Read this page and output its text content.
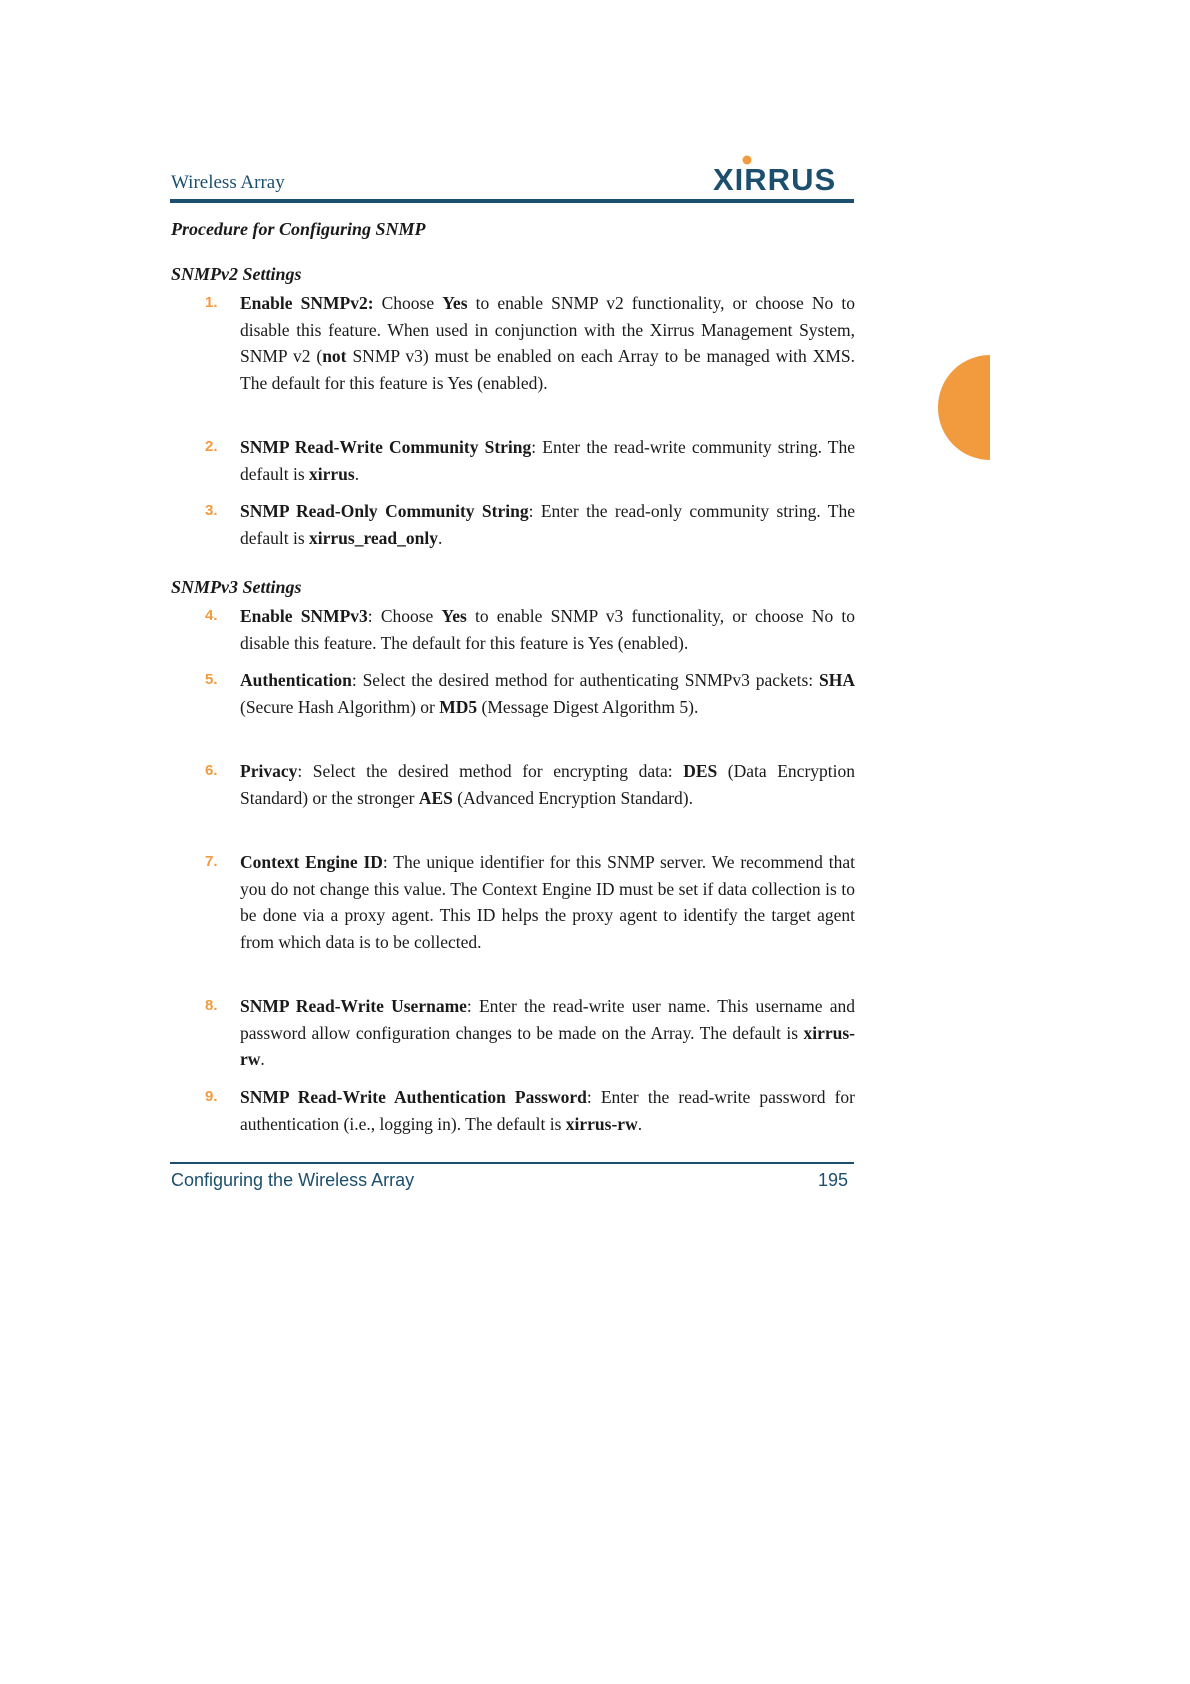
Wireless Array	XIRRUS
Procedure for Configuring SNMP
SNMPv2 Settings
SNMPv3 Settings
1.	Enable SNMPv2: Choose Yes to enable SNMP v2 functionality, or choose No to disable this feature. When used in conjunction with the Xirrus Management System, SNMP v2 (not SNMP v3) must be enabled on each Array to be managed with XMS. The default for this feature is Yes (enabled).
2.	SNMP Read-Write Community String: Enter the read-write community string. The default is xirrus.
3.	SNMP Read-Only Community String: Enter the read-only community string. The default is xirrus_read_only.
4.	Enable SNMPv3: Choose Yes to enable SNMP v3 functionality, or choose No to disable this feature. The default for this feature is Yes (enabled).
5.	Authentication: Select the desired method for authenticating SNMPv3 packets: SHA (Secure Hash Algorithm) or MD5 (Message Digest Algorithm 5).
6.	Privacy: Select the desired method for encrypting data: DES (Data Encryption Standard) or the stronger AES (Advanced Encryption Standard).
7.	Context Engine ID: The unique identifier for this SNMP server. We recommend that you do not change this value. The Context Engine ID must be set if data collection is to be done via a proxy agent. This ID helps the proxy agent to identify the target agent from which data is to be collected.
8.	SNMP Read-Write Username: Enter the read-write user name. This username and password allow configuration changes to be made on the Array. The default is xirrus-rw.
9.	SNMP Read-Write Authentication Password: Enter the read-write password for authentication (i.e., logging in). The default is xirrus-rw.
Configuring the Wireless Array	195
